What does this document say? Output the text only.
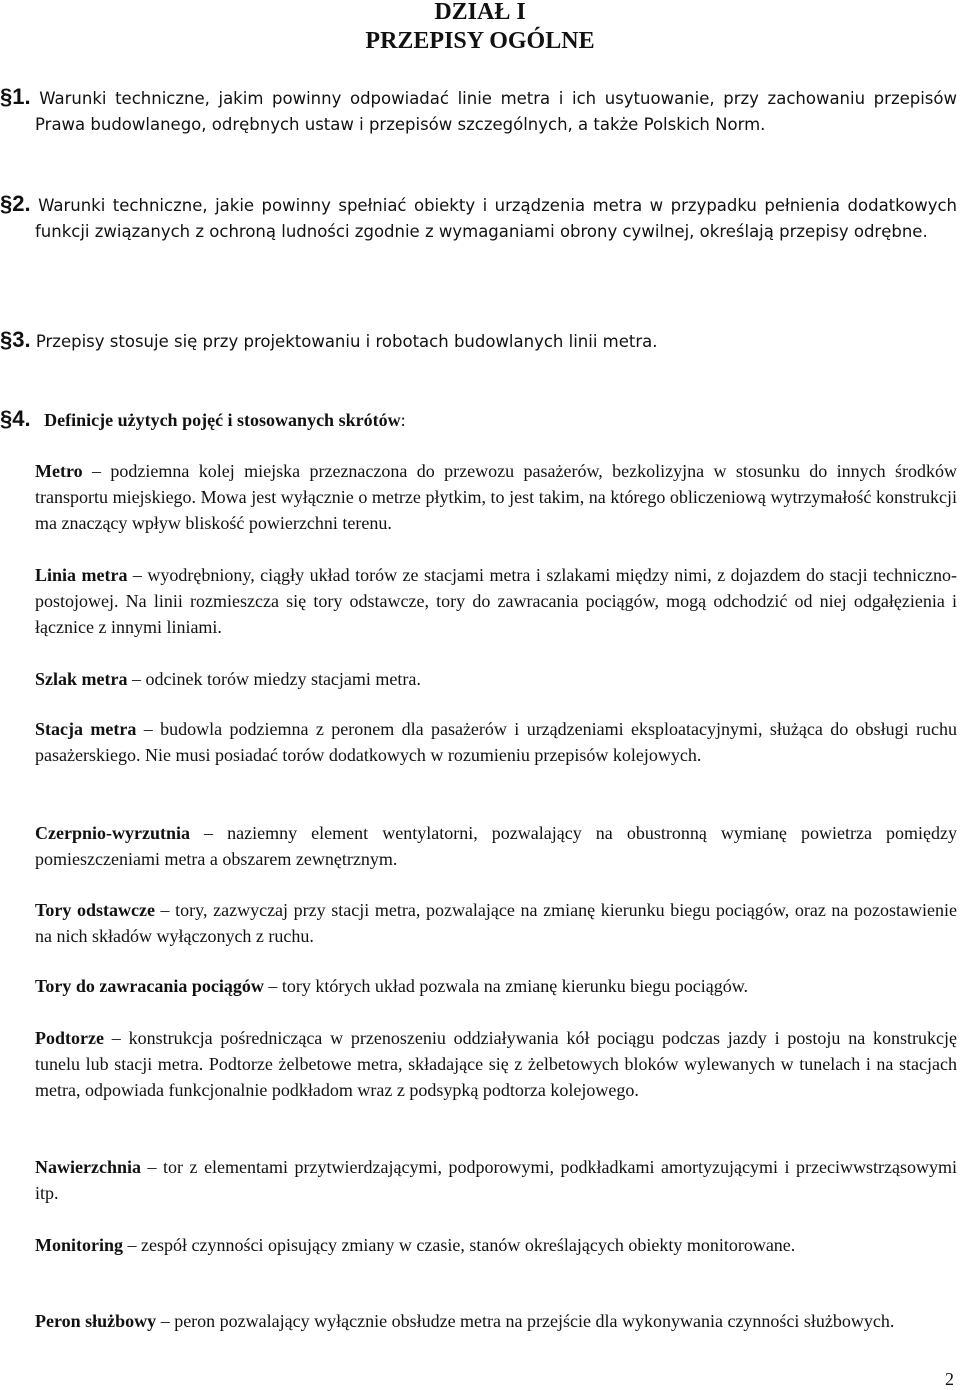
DZIAŁ I
PRZEPISY OGÓLNE
§1. Warunki techniczne, jakim powinny odpowiadać linie metra i ich usytuowanie, przy zachowaniu przepisów Prawa budowlanego, odrębnych ustaw i przepisów szczególnych, a także Polskich Norm.
§2. Warunki techniczne, jakie powinny spełniać obiekty i urządzenia metra w przypadku pełnienia dodatkowych funkcji związanych z ochroną ludności zgodnie z wymaganiami obrony cywilnej, określają przepisy odrębne.
§3. Przepisy stosuje się przy projektowaniu i robotach budowlanych linii metra.
§4. Definicje użytych pojęć i stosowanych skrótów:
Metro – podziemna kolej miejska przeznaczona do przewozu pasażerów, bezkolizyjna w stosunku do innych środków transportu miejskiego. Mowa jest wyłącznie o metrze płytkim, to jest takim, na którego obliczeniową wytrzymałość konstrukcji ma znaczący wpływ bliskość powierzchni terenu.
Linia metra – wyodrębniony, ciągły układ torów ze stacjami metra i szlakami między nimi, z dojazdem do stacji techniczno-postojowej. Na linii rozmieszcza się tory odstawcze, tory do zawracania pociągów, mogą odchodzić od niej odgałęzienia i łącznice z innymi liniami.
Szlak metra – odcinek torów miedzy stacjami metra.
Stacja metra – budowla podziemna z peronem dla pasażerów i urządzeniami eksploatacyjnymi, służąca do obsługi ruchu pasażerskiego. Nie musi posiadać torów dodatkowych w rozumieniu przepisów kolejowych.
Czerpnio-wyrzutnia – naziemny element wentylatorni, pozwalający na obustronną wymianę powietrza pomiędzy pomieszczeniami metra a obszarem zewnętrznym.
Tory odstawcze – tory, zazwyczaj przy stacji metra, pozwalające na zmianę kierunku biegu pociągów, oraz na pozostawienie na nich składów wyłączonych z ruchu.
Tory do zawracania pociągów – tory których układ pozwala na zmianę kierunku biegu pociągów.
Podtorze – konstrukcja pośrednicząca w przenoszeniu oddziaływania kół pociągu podczas jazdy i postoju na konstrukcję tunelu lub stacji metra. Podtorze żelbetowe metra, składające się z żelbetowych bloków wylewanych w tunelach i na stacjach metra, odpowiada funkcjonalnie podkładom wraz z podsypką podtorza kolejowego.
Nawierzchnia – tor z elementami przytwierdzającymi, podporowymi, podkładkami amortyzującymi i przeciwwstrząsowymi itp.
Monitoring – zespół czynności opisujący zmiany w czasie, stanów określających obiekty monitorowane.
Peron służbowy – peron pozwalający wyłącznie obsłudze metra na przejście dla wykonywania czynności służbowych.
2
